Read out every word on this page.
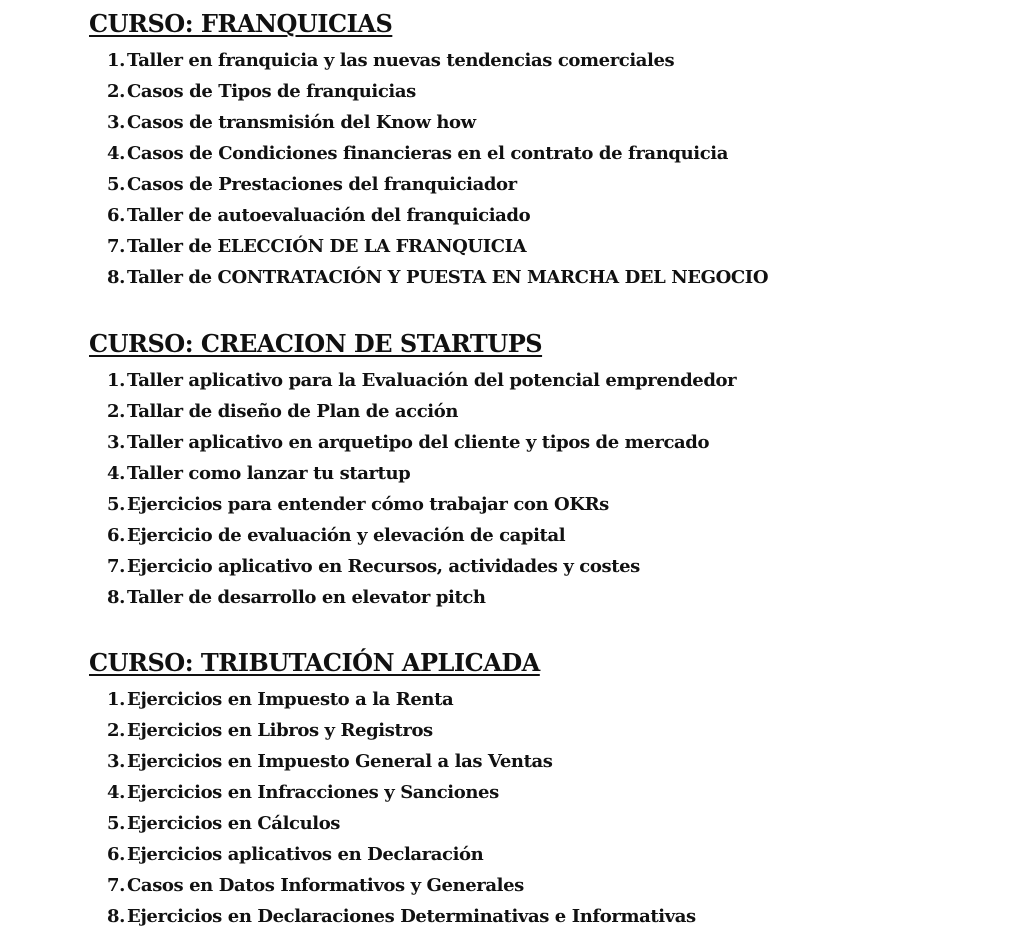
CURSO: FRANQUICIAS
1. Taller en franquicia y las nuevas tendencias comerciales
2. Casos de Tipos de franquicias
3. Casos de transmisión del Know how
4. Casos de Condiciones financieras en el contrato de franquicia
5. Casos de Prestaciones del franquiciador
6. Taller de autoevaluación del franquiciado
7. Taller de ELECCIÓN DE LA FRANQUICIA
8. Taller de CONTRATACIÓN Y PUESTA EN MARCHA DEL NEGOCIO
CURSO: CREACION DE STARTUPS
1. Taller aplicativo para la Evaluación del potencial emprendedor
2. Tallar de diseño de Plan de acción
3. Taller aplicativo en arquetipo del cliente y tipos de mercado
4. Taller como lanzar tu startup
5. Ejercicios para entender cómo trabajar con OKRs
6. Ejercicio de evaluación y elevación de capital
7. Ejercicio aplicativo en Recursos, actividades y costes
8. Taller de desarrollo en elevator pitch
CURSO: TRIBUTACIÓN APLICADA
1. Ejercicios en Impuesto a la Renta
2. Ejercicios en Libros y Registros
3. Ejercicios en Impuesto General a las Ventas
4. Ejercicios en Infracciones y Sanciones
5. Ejercicios en Cálculos
6. Ejercicios aplicativos en Declaración
7. Casos en Datos Informativos y Generales
8. Ejercicios en Declaraciones Determinativas e Informativas
